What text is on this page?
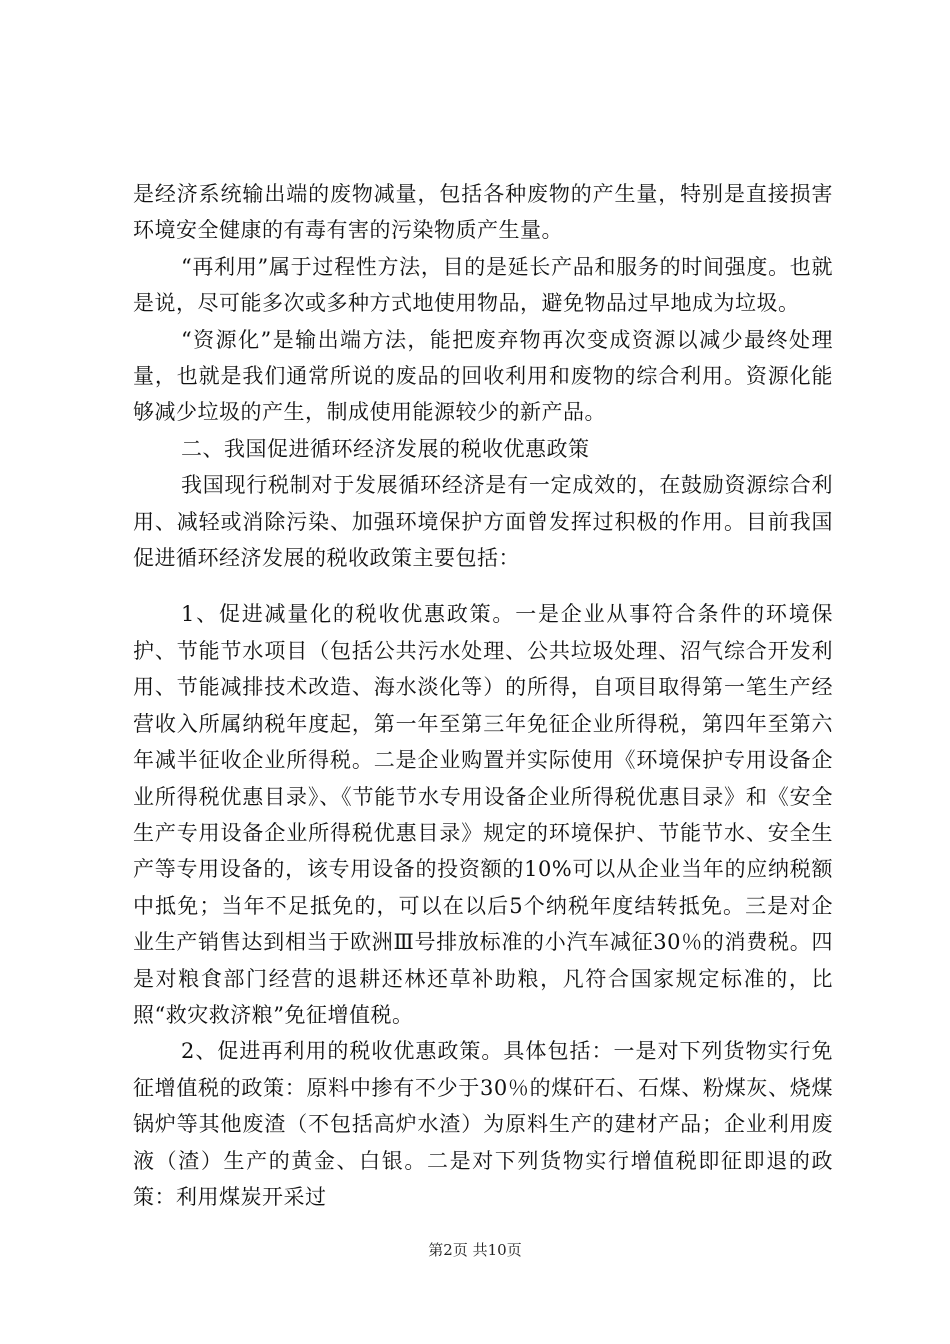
是经济系统输出端的废物减量，包括各种废物的产生量，特别是直接损害环境安全健康的有毒有害的污染物质产生量。

“再利用”属于过程性方法，目的是延长产品和服务的时间强度。也就是说，尽可能多次或多种方式地使用物品，避免物品过早地成为垃圾。

“资源化”是输出端方法，能把废弃物再次变成资源以减少最终处理量，也就是我们通常所说的废品的回收利用和废物的综合利用。资源化能够减少垃圾的产生，制成使用能源较少的新产品。

二、我国促进循环经济发展的税收优惠政策

我国现行税制对于发展循环经济是有一定成效的，在鼓励资源综合利用、减轻或消除污染、加强环境保护方面曾发挥过积极的作用。目前我国促进循环经济发展的税收政策主要包括：

1、促进减量化的税收优惠政策。一是企业从事符合条件的环境保护、节能节水项目（包括公共污水处理、公共垃圾处理、沼气综合开发利用、节能减排技术改造、海水淡化等）的所得，自项目取得第一笔生产经营收入所属纳税年度起，第一年至第三年免征企业所得税，第四年至第六年减半征收企业所得税。二是企业购置并实际使用《环境保护专用设备企业所得税优惠目录》、《节能节水专用设备企业所得税优惠目录》和《安全生产专用设备企业所得税优惠目录》规定的环境保护、节能节水、安全生产等专用设备的，该专用设备的投资额的10%可以从企业当年的应纳税额中抵免；当年不足抵免的，可以在以后5个纳税年度结转抵免。三是对企业生产销售达到相当于欧洲Ⅲ号排放标准的小汽车减征30％的消费税。四是对粮食部门经营的退耕还林还草补助粮，凡符合国家规定标准的，比照“救灾救济粮”免征增值税。

2、促进再利用的税收优惠政策。具体包括：一是对下列货物实行免征增值税的政策：原料中掺有不少于30％的煤矸石、石煤、粉煤灰、烧煤锅炉等其他废渣（不包括高炉水渣）为原料生产的建材产品；企业利用废液（渣）生产的黄金、白银。二是对下列货物实行增值税即征即退的政策：利用煤炭开采过

第2页 共10页
